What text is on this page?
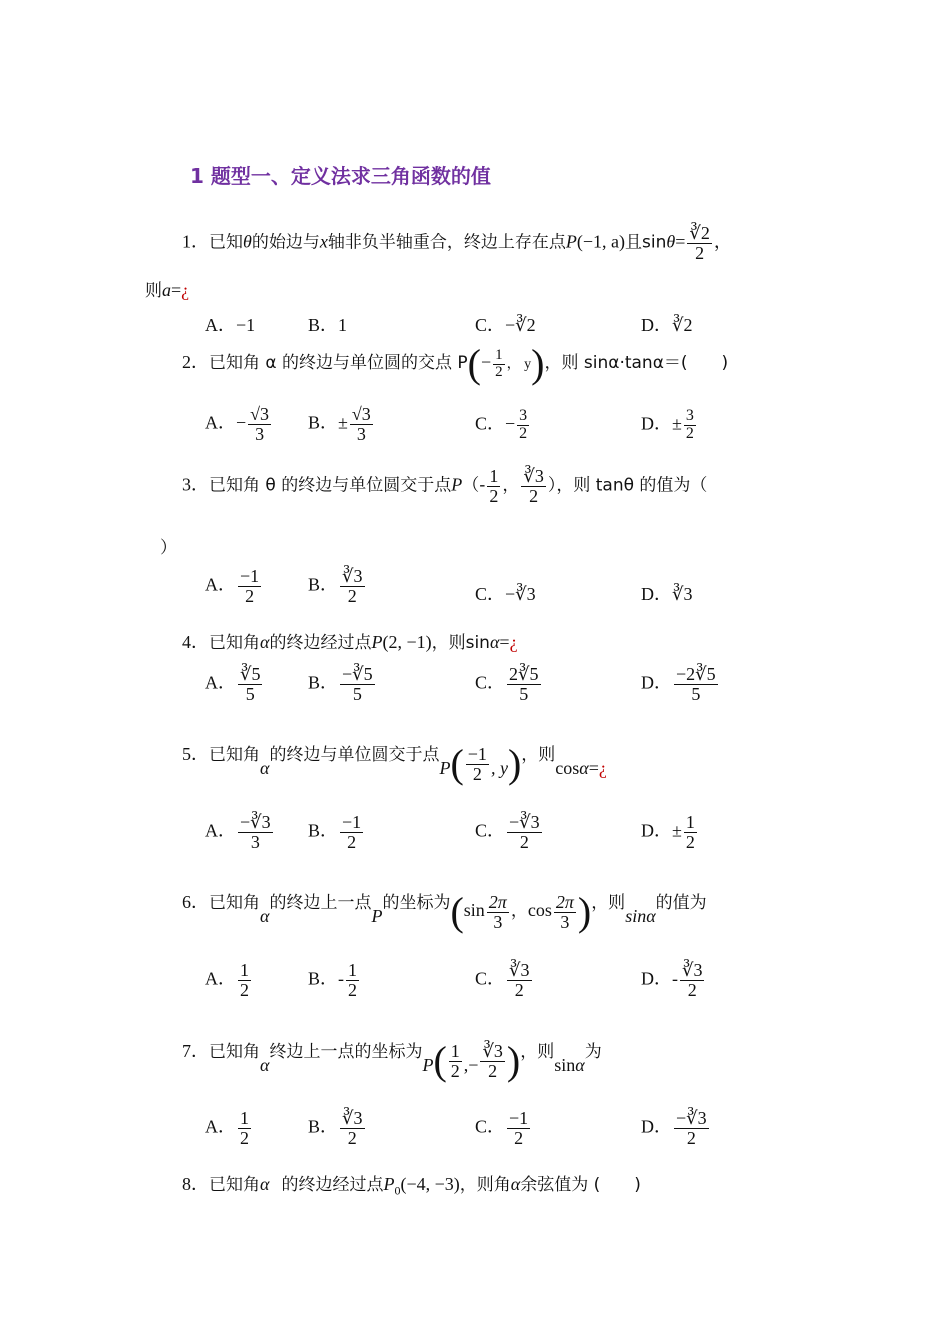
1 题型一、定义法求三角函数的值
1．已知θ的始边与x轴非负半轴重合，终边上存在点P(−1, a)且$\sin\theta= \frac{∛2}{2}$ ，
则a=¿
A．−1	B．1	C．−∛2	D．∛2
2．已知角 α 的终边与单位圆的交点 $P(- \frac{1}{2}$ ， y)，则 sinα·tanα＝(　　)
A．− $\frac{√3}{3}$ B．± $\frac{√3}{3}$	C．− $\frac{3}{2}$	D．± $\frac{3}{2}$
3．已知角 θ 的终边与单位圆交于点$P(- \frac{1}{2}$ ， $\frac{∛3}{2}$ ），则 tanθ 的值为（
）
A． $\frac{-1}{2}$	B． $\frac{∛3}{2}$	C．−∛3	D．∛3
4．已知角α的终边经过点P(2, −1)，则sinα=¿
A． $\frac{∛5}{5}$	B． $\frac{-∛5}{5}$	C． $\frac{2∛5}{5}$	D． $\frac{-2∛5}{5}$
5．已知角α的终边与单位圆交于点$P( \frac{-1}{2}$ , y)，则cosα=¿
A． $\frac{-∛3}{3}$ B． $\frac{-1}{2}$	C． $\frac{-∛3}{2}$	D．± $\frac{1}{2}$
6．已知角α的终边上一点P的坐标为($\sin \frac{2\pi}{3}$ ，$\cos \frac{2\pi}{3}$ )，则sinα的值为
A． $\frac{1}{2}$	B．- $\frac{1}{2}$	C． $\frac{∛3}{2}$	D．- $\frac{∛3}{2}$
7．已知角α终边上一点的坐标为$P( \frac{1}{2}$ ,− $\frac{∛3}{2}$ )，则sinα为
A． $\frac{1}{2}$	B． $\frac{∛3}{2}$	C． $\frac{-1}{2}$	D． $\frac{-∛3}{2}$
8．已知角α 的终边经过点$P_0(-4$, −3)，则角α余弦值为 (　　)
